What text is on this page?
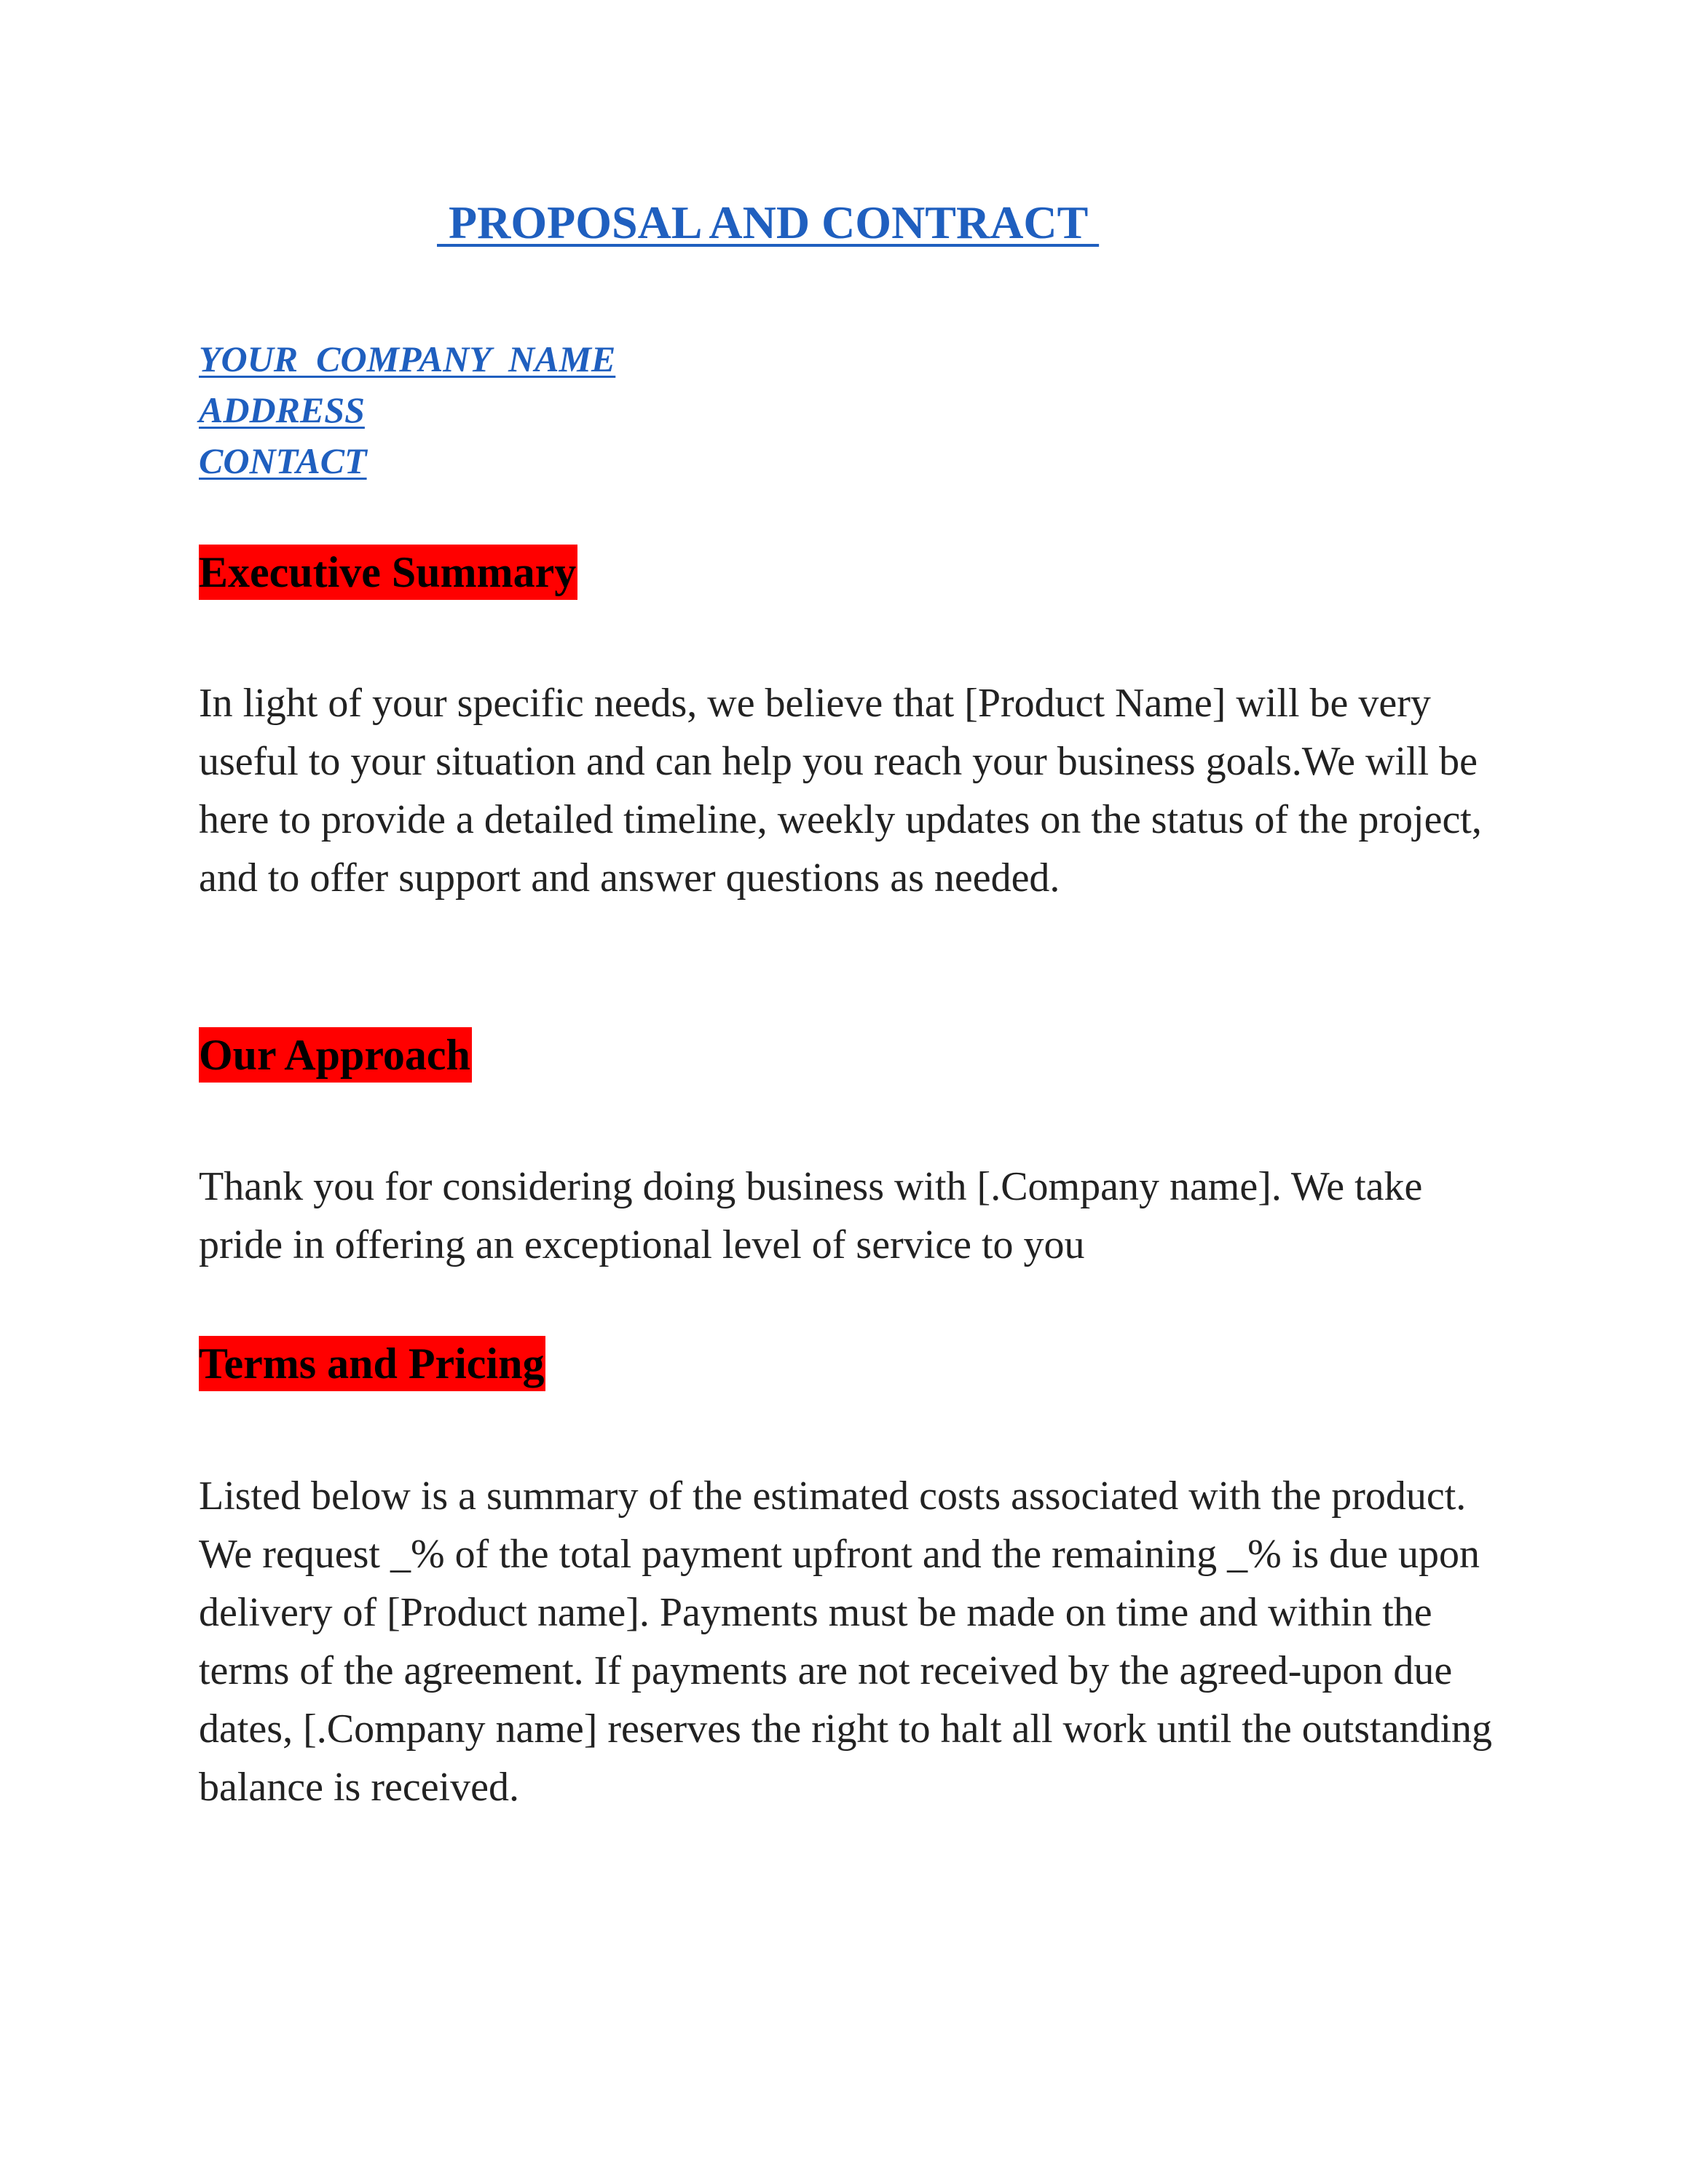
PROPOSAL AND CONTRACT
YOUR  COMPANY  NAME
ADDRESS
CONTACT
Executive Summary

In light of your specific needs, we believe that [Product Name] will be very useful to your situation and can help you reach your business goals.We will be here to provide a detailed timeline, weekly updates on the status of the project, and to offer support and answer questions as needed.

Our Approach

Thank you for considering doing business with [.Company name]. We take pride in offering an exceptional level of service to you

Terms and Pricing

Listed below is a summary of the estimated costs associated with the product. We request _% of the total payment upfront and the remaining _% is due upon delivery of [Product name]. Payments must be made on time and within the terms of the agreement. If payments are not received by the agreed-upon due dates, [.Company name] reserves the right to halt all work until the outstanding balance is received.
